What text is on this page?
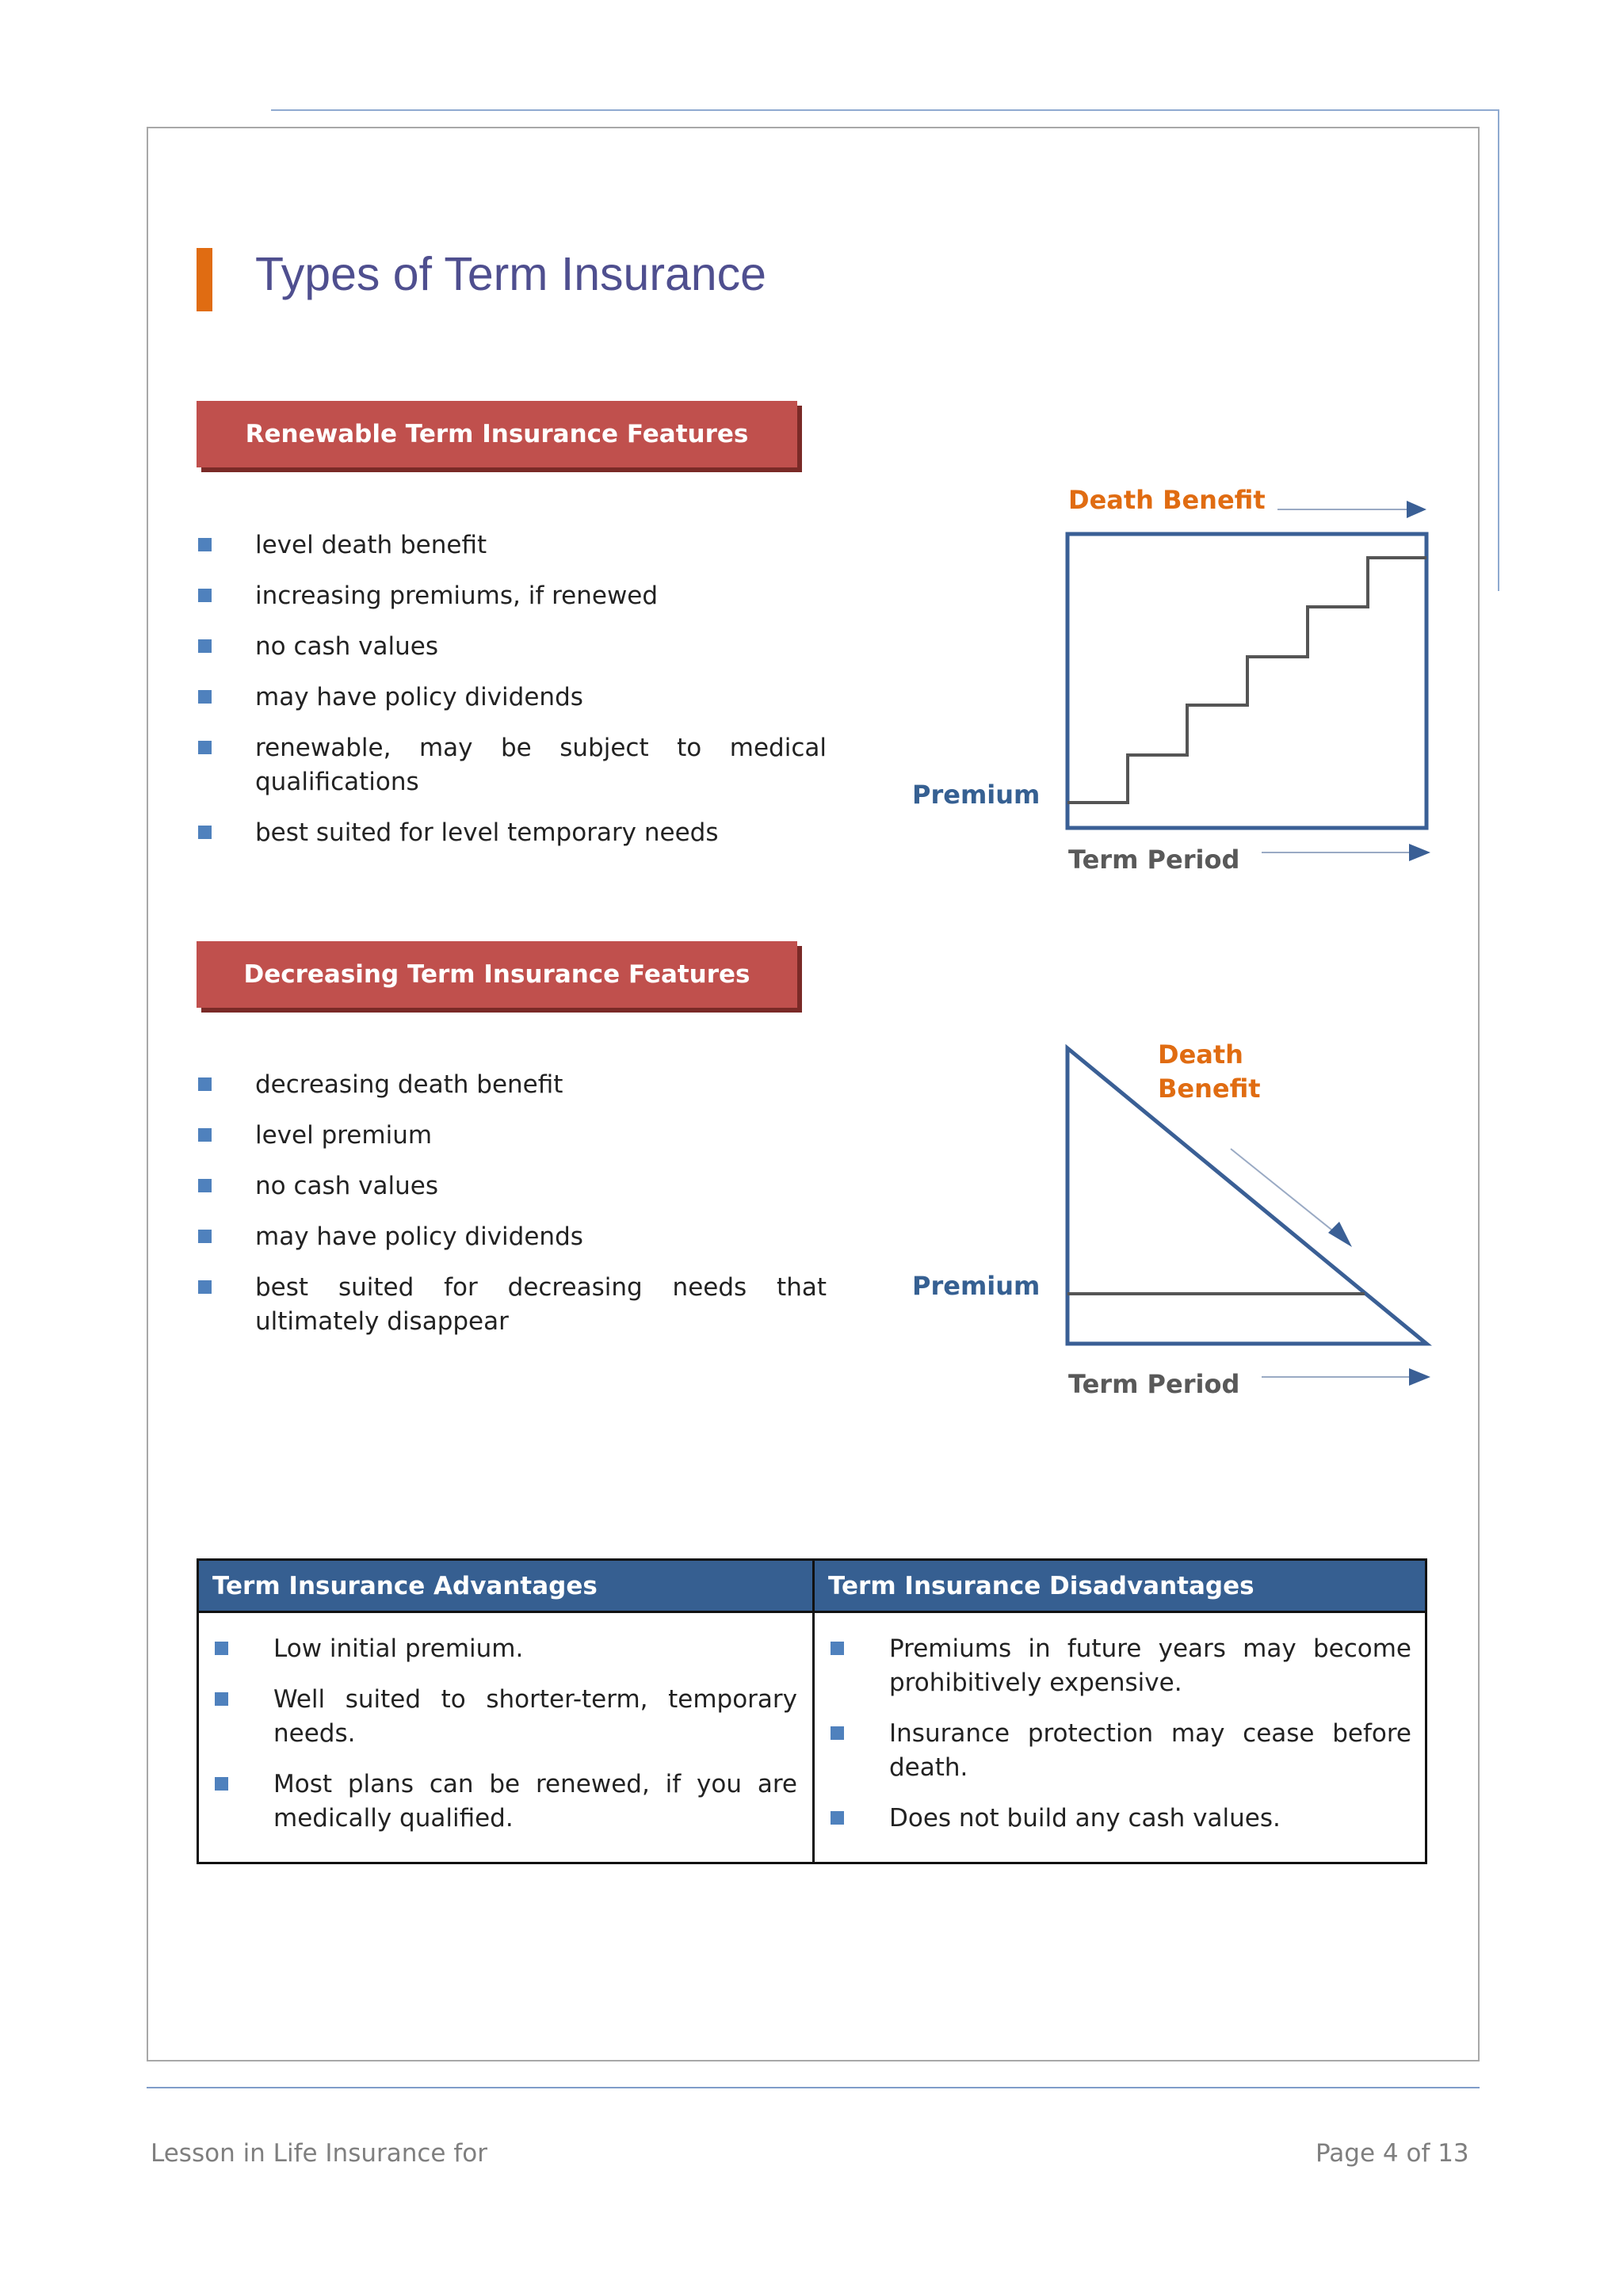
Types of Term Insurance
Renewable Term Insurance Features
level death benefit
increasing premiums, if renewed
no cash values
may have policy dividends
renewable, may be subject to medical qualifications
best suited for level temporary needs
Death Benefit
Premium
Term Period
Decreasing Term Insurance Features
decreasing death benefit
level premium
no cash values
may have policy dividends
best suited for decreasing needs that ultimately disappear
Death
Benefit
Premium
Term Period
Term Insurance Advantages	Term Insurance Disadvantages
Low initial premium.
Well suited to shorter-term, temporary needs.
Most plans can be renewed, if you are medically qualified.
Premiums in future years may become prohibitively expensive.
Insurance protection may cease before death.
Does not build any cash values.
Lesson in Life Insurance for	Page 4 of 13
